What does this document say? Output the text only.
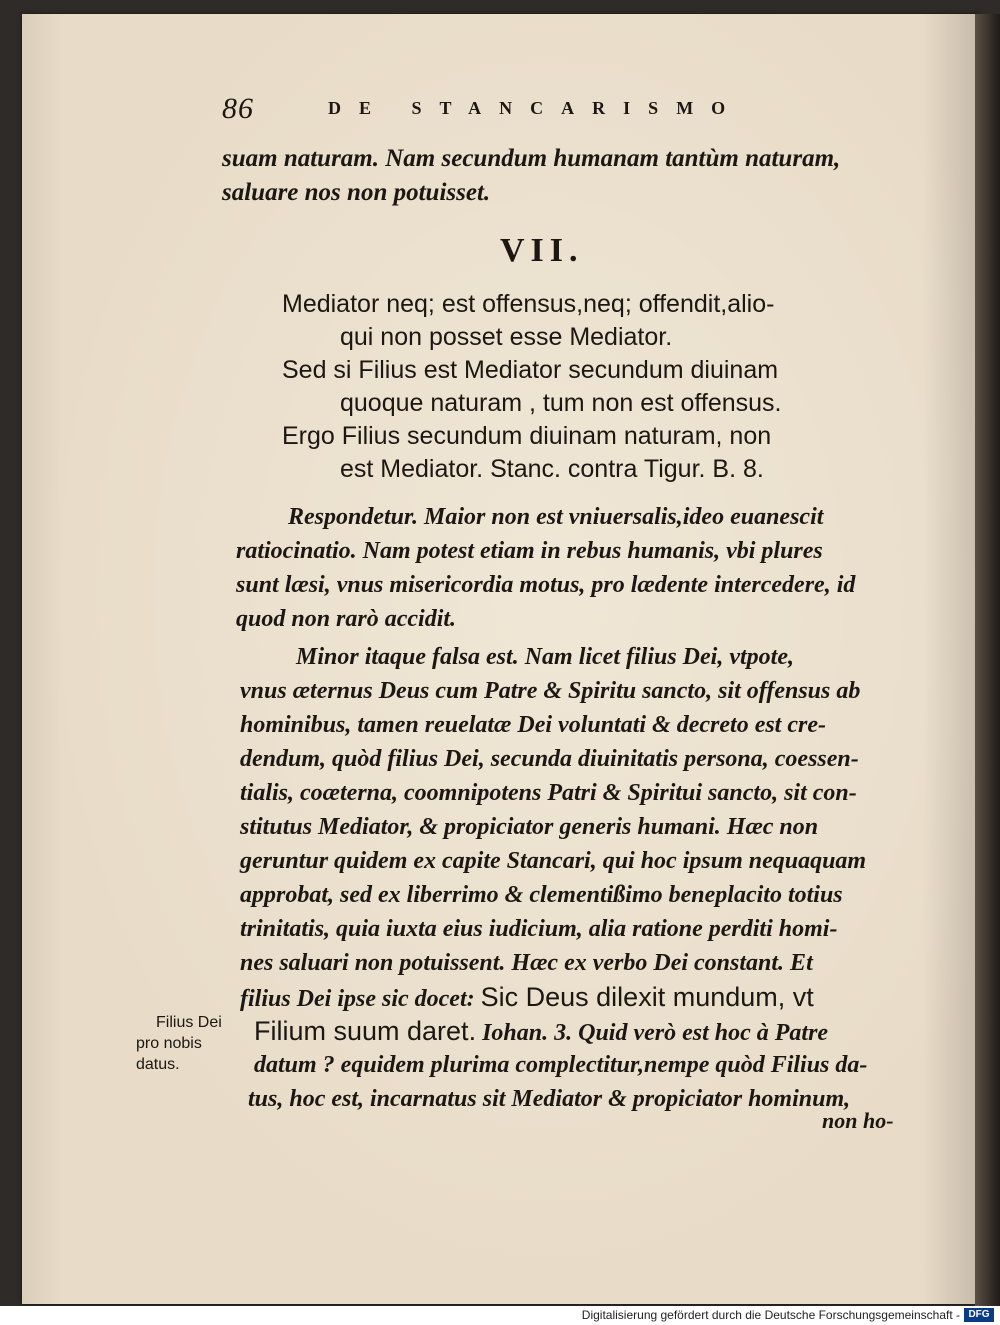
86	DE STANCARISMO
suam naturam. Nam secundum humanam tantùm naturam,
saluare nos non potuisset.
VII.
Mediator neq; est offensus,neq; offendit,alio-
qui non posset esse Mediator.
Sed si Filius est Mediator secundum diuinam
quoque naturam , tum non est offensus.
Ergo Filius secundum diuinam naturam, non
est Mediator. Stanc. contra Tigur. B. 8.
Respondetur. Maior non est vniuersalis,ideo euanescit
ratiocinatio. Nam potest etiam in rebus humanis, vbi plures
sunt læsi, vnus misericordia motus, pro lædente intercedere, id
quod non rarò accidit.
Minor itaque falsa est. Nam licet filius Dei, vtpote,
vnus æternus Deus cum Patre & Spiritu sancto, sit offensus ab
hominibus, tamen reuelatæ Dei voluntati & decreto est cre-
dendum, quòd filius Dei, secunda diuinitatis persona, coessen-
tialis, coæterna, coomnipotens Patri & Spiritui sancto, sit con-
stitutus Mediator, & propiciator generis humani. Hæc non
geruntur quidem ex capite Stancari, qui hoc ipsum nequaquam
approbat, sed ex liberrimo & clementißimo beneplacito totius
trinitatis, quia iuxta eius iudicium, alia ratione perditi homi-
nes saluari non potuissent. Hæc ex verbo Dei constant. Et
filius Dei ipse sic docet: Sic Deus dilexit mundum, vt
Filium suum daret. Iohan. 3. Quid verò est hoc à Patre
datum ? equidem plurima complectitur,nempe quòd Filius da-
tus, hoc est, incarnatus sit Mediator & propiciator hominum,
Filius Dei
pro nobis
datus.
non ho-
Digitalisierung gefördert durch die Deutsche Forschungsgemeinschaft - DFG
